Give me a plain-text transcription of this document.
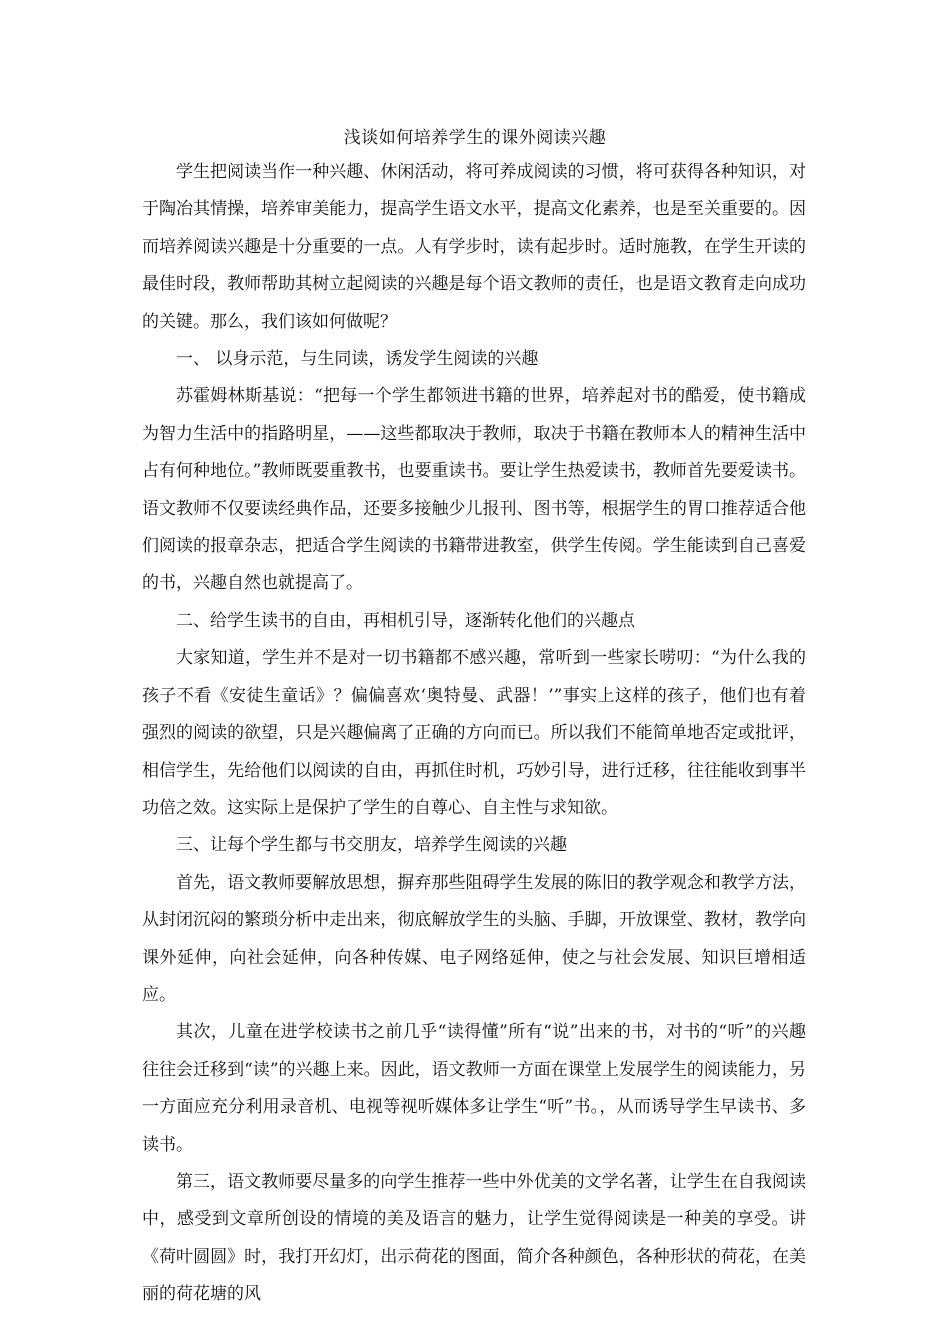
浅谈如何培养学生的课外阅读兴趣

学生把阅读当作一种兴趣、休闲活动，将可养成阅读的习惯，将可获得各种知识，对于陶冶其情操，培养审美能力，提高学生语文水平，提高文化素养，也是至关重要的。因而培养阅读兴趣是十分重要的一点。人有学步时，读有起步时。适时施教，在学生开读的最佳时段，教师帮助其树立起阅读的兴趣是每个语文教师的责任，也是语文教育走向成功的关键。那么，我们该如何做呢？

一、 以身示范，与生同读，诱发学生阅读的兴趣

苏霍姆林斯基说：“把每一个学生都领进书籍的世界，培养起对书的酷爱，使书籍成为智力生活中的指路明星，——这些都取决于教师，取决于书籍在教师本人的精神生活中占有何种地位。”教师既要重教书，也要重读书。要让学生热爱读书，教师首先要爱读书。语文教师不仅要读经典作品，还要多接触少儿报刊、图书等，根据学生的胃口推荐适合他们阅读的报章杂志，把适合学生阅读的书籍带进教室，供学生传阅。学生能读到自己喜爱的书，兴趣自然也就提高了。

二、给学生读书的自由，再相机引导，逐渐转化他们的兴趣点

大家知道，学生并不是对一切书籍都不感兴趣，常听到一些家长唠叨：“为什么我的孩子不看《安徒生童话》？偏偏喜欢‘奥特曼、武器！’”事实上这样的孩子，他们也有着强烈的阅读的欲望，只是兴趣偏离了正确的方向而已。所以我们不能简单地否定或批评，相信学生，先给他们以阅读的自由，再抓住时机，巧妙引导，进行迁移，往往能收到事半功倍之效。这实际上是保护了学生的自尊心、自主性与求知欲。

三、让每个学生都与书交朋友，培养学生阅读的兴趣

首先，语文教师要解放思想，摒弃那些阻碍学生发展的陈旧的教学观念和教学方法，从封闭沉闷的繁琐分析中走出来，彻底解放学生的头脑、手脚，开放课堂、教材，教学向课外延伸，向社会延伸，向各种传媒、电子网络延伸，使之与社会发展、知识巨增相适应。

其次，儿童在进学校读书之前几乎“读得懂”所有“说”出来的书，对书的“听”的兴趣往往会迁移到“读”的兴趣上来。因此，语文教师一方面在课堂上发展学生的阅读能力，另一方面应充分利用录音机、电视等视听媒体多让学生“听”书。，从而诱导学生早读书、多读书。

第三，语文教师要尽量多的向学生推荐一些中外优美的文学名著，让学生在自我阅读中，感受到文章所创设的情境的美及语言的魅力，让学生觉得阅读是一种美的享受。讲《荷叶圆圆》时，我打开幻灯，出示荷花的图面，简介各种颜色，各种形状的荷花，在美丽的荷花塘的风
